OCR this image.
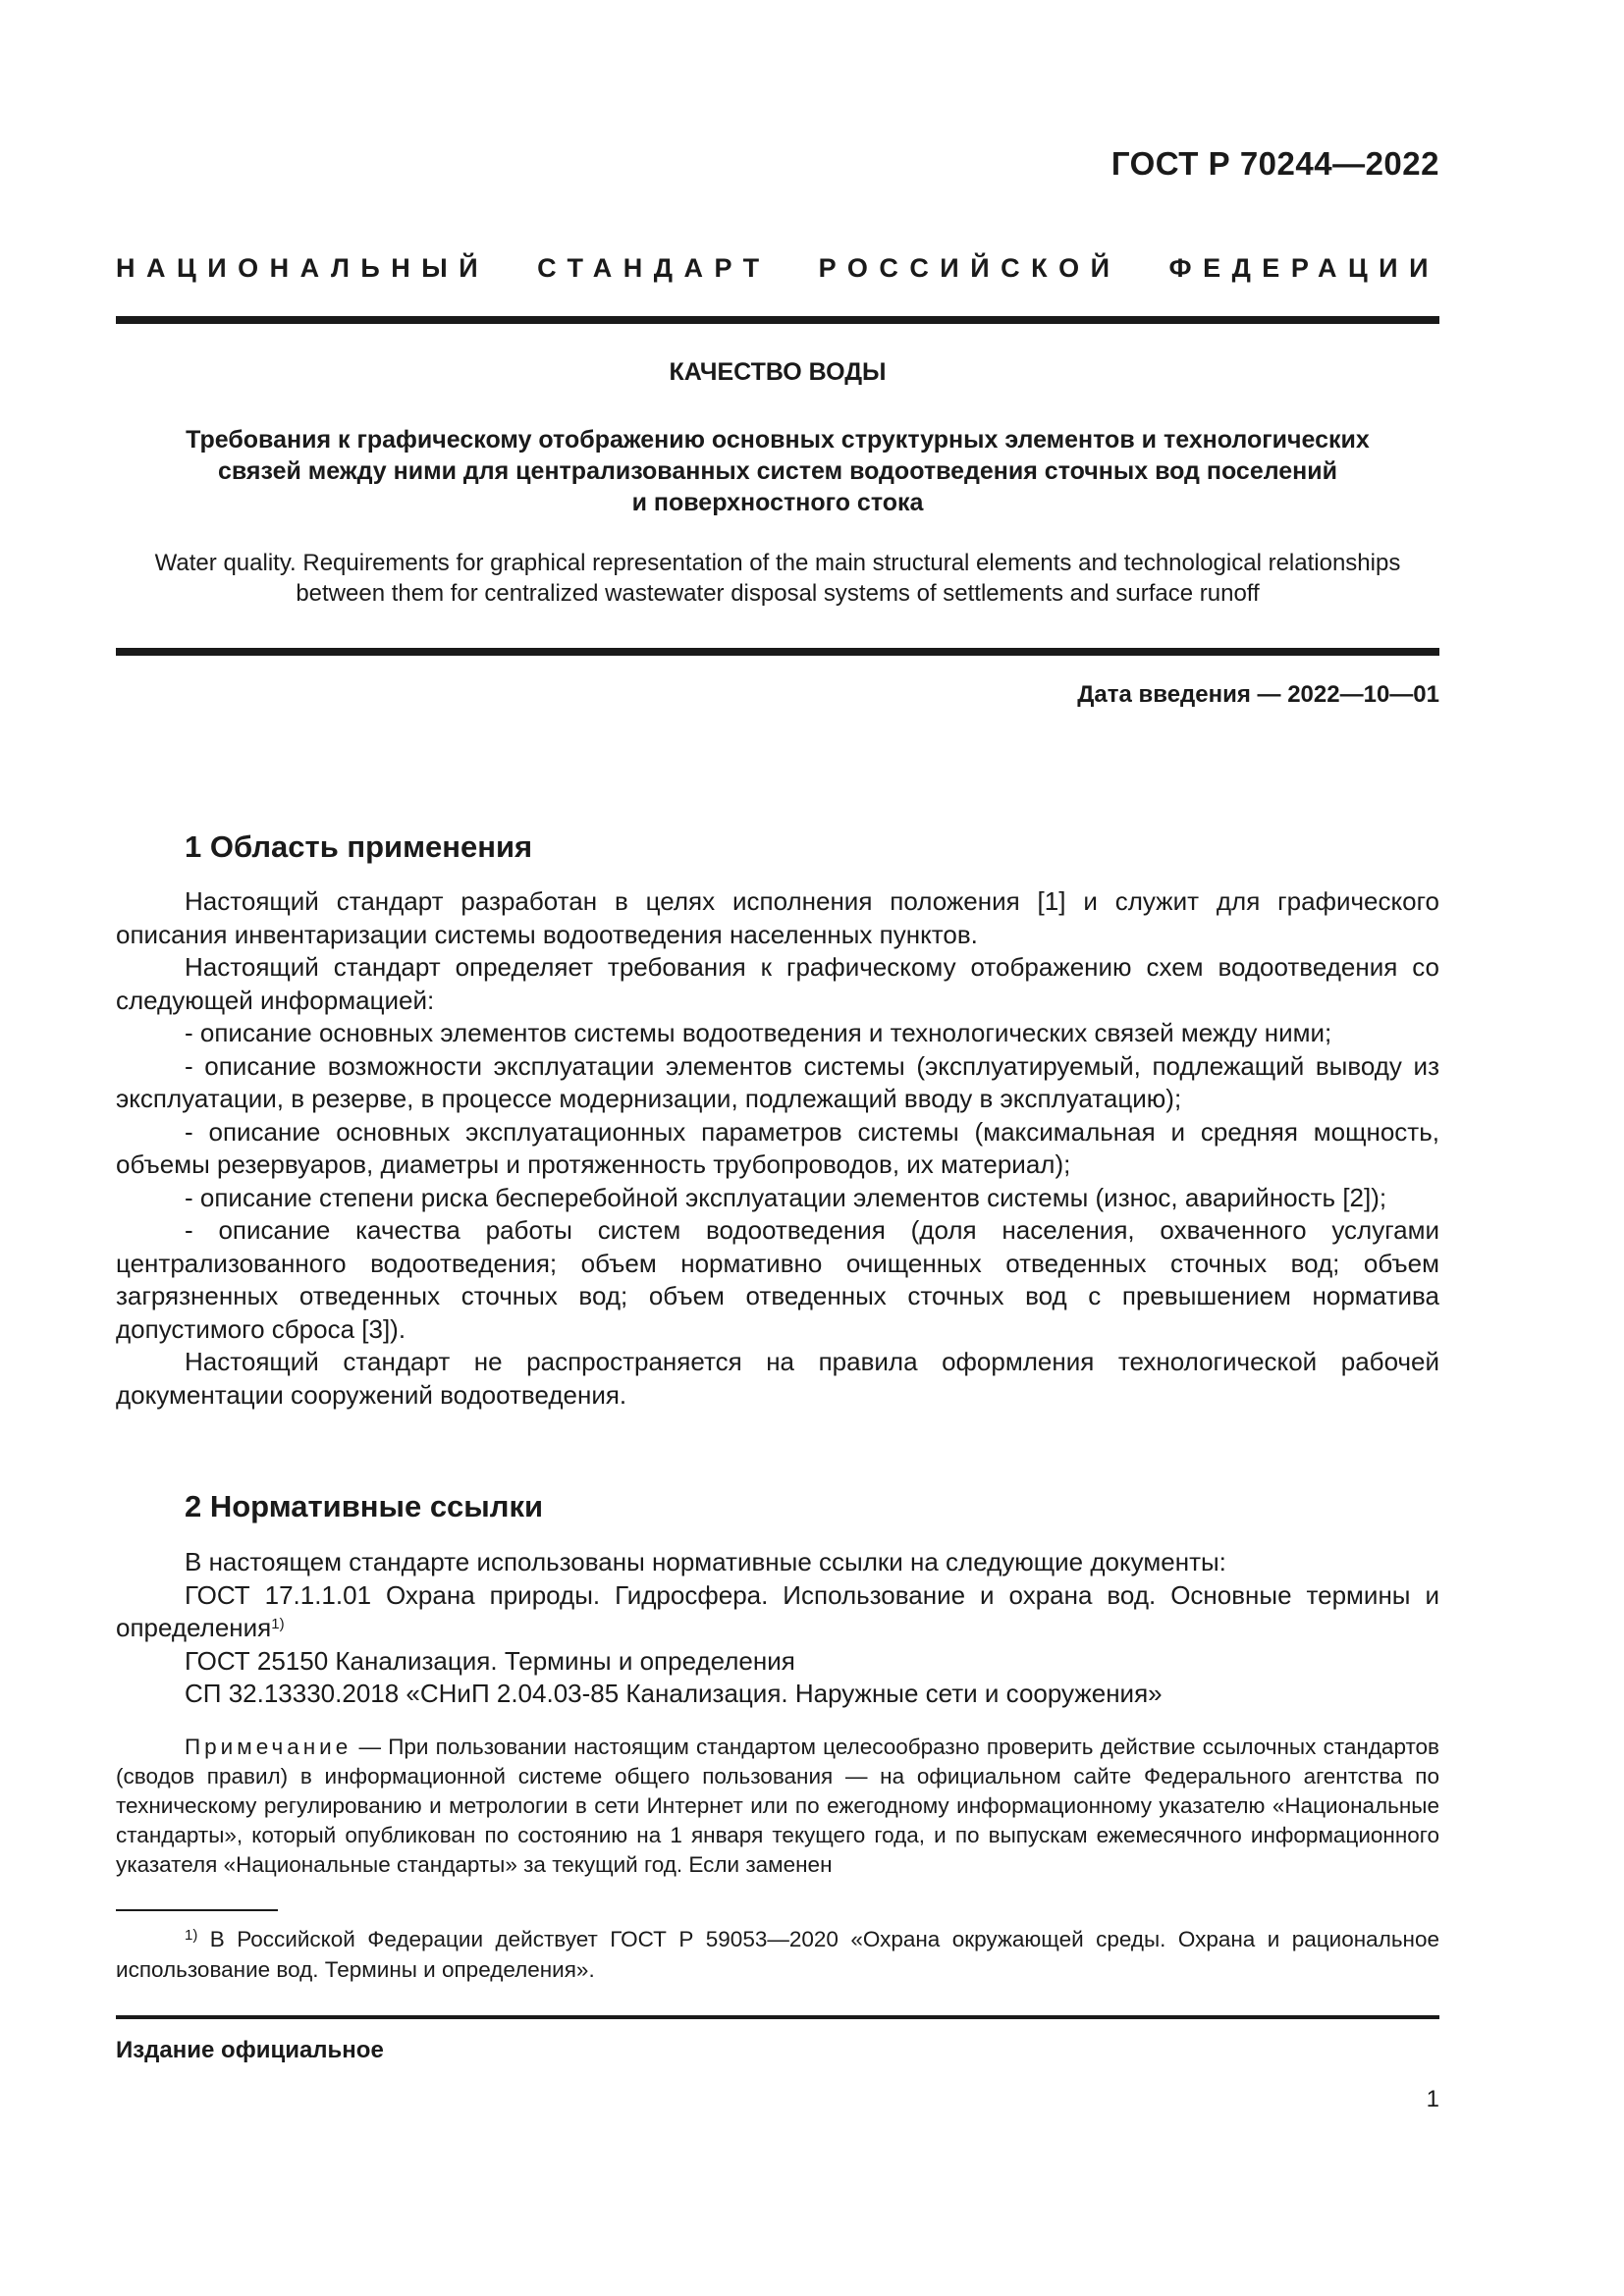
ГОСТ Р 70244—2022
НАЦИОНАЛЬНЫЙ СТАНДАРТ РОССИЙСКОЙ ФЕДЕРАЦИИ
КАЧЕСТВО ВОДЫ
Требования к графическому отображению основных структурных элементов и технологических
связей между ними для централизованных систем водоотведения сточных вод поселений
и поверхностного стока
Water quality. Requirements for graphical representation of the main structural elements and technological relationships
between them for centralized wastewater disposal systems of settlements and surface runoff
Дата введения — 2022—10—01
1 Область применения

Настоящий стандарт разработан в целях исполнения положения [1] и служит для графического описания инвентаризации системы водоотведения населенных пунктов.

Настоящий стандарт определяет требования к графическому отображению схем водоотведения со следующей информацией:

- описание основных элементов системы водоотведения и технологических связей между ними;

- описание возможности эксплуатации элементов системы (эксплуатируемый, подлежащий выводу из эксплуатации, в резерве, в процессе модернизации, подлежащий вводу в эксплуатацию);

- описание основных эксплуатационных параметров системы (максимальная и средняя мощность, объемы резервуаров, диаметры и протяженность трубопроводов, их материал);

- описание степени риска бесперебойной эксплуатации элементов системы (износ, аварийность [2]);

- описание качества работы систем водоотведения (доля населения, охваченного услугами централизованного водоотведения; объем нормативно очищенных отведенных сточных вод; объем загрязненных отведенных сточных вод; объем отведенных сточных вод с превышением норматива допустимого сброса [3]).

Настоящий стандарт не распространяется на правила оформления технологической рабочей документации сооружений водоотведения.

2 Нормативные ссылки

В настоящем стандарте использованы нормативные ссылки на следующие документы:

ГОСТ 17.1.1.01 Охрана природы. Гидросфера. Использование и охрана вод. Основные термины и определения$^{1)}$

ГОСТ 25150 Канализация. Термины и определения

СП 32.13330.2018 «СНиП 2.04.03-85 Канализация. Наружные сети и сооружения»

Примечание — При пользовании настоящим стандартом целесообразно проверить действие ссылочных стандартов (сводов правил) в информационной системе общего пользования — на официальном сайте Федерального агентства по техническому регулированию и метрологии в сети Интернет или по ежегодному информационному указателю «Национальные стандарты», который опубликован по состоянию на 1 января текущего года, и по выпускам ежемесячного информационного указателя «Национальные стандарты» за текущий год. Если заменен
$^{1)}$ В Российской Федерации действует ГОСТ Р 59053—2020 «Охрана окружающей среды. Охрана и рациональное использование вод. Термины и определения».
Издание официальное
1
